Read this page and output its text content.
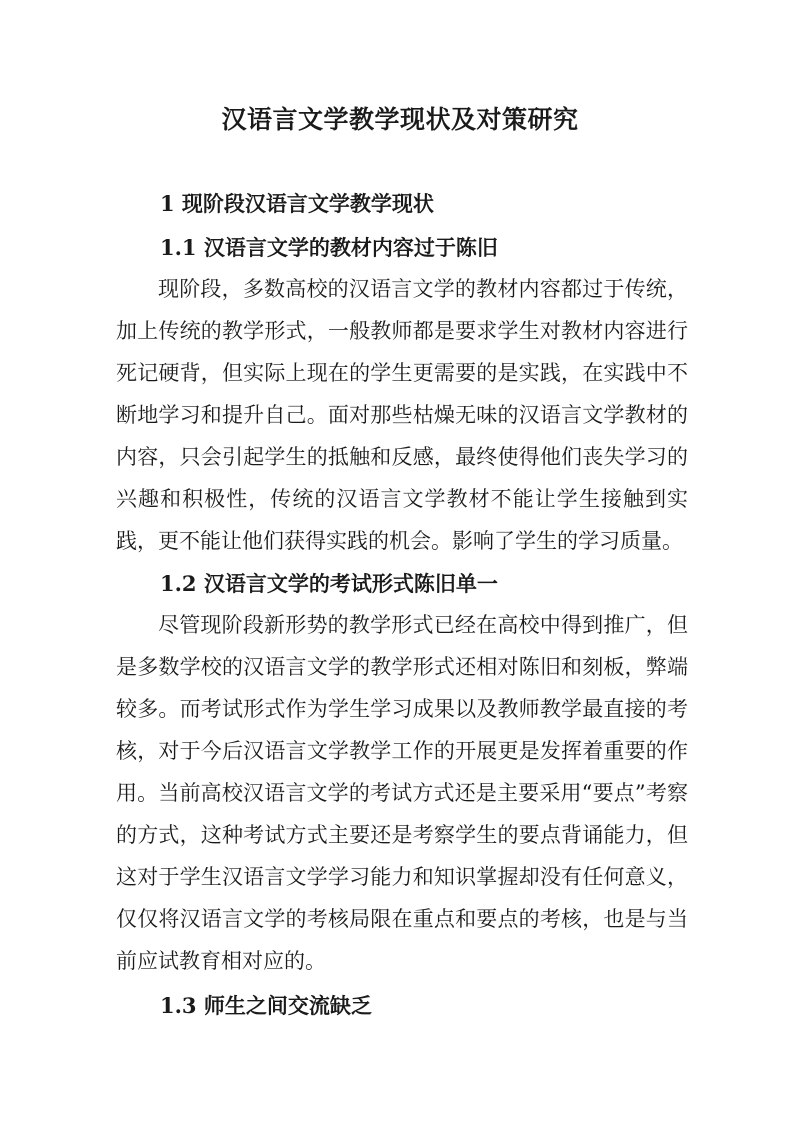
汉语言文学教学现状及对策研究
1 现阶段汉语言文学教学现状
1.1 汉语言文学的教材内容过于陈旧

现阶段，多数高校的汉语言文学的教材内容都过于传统，加上传统的教学形式，一般教师都是要求学生对教材内容进行死记硬背，但实际上现在的学生更需要的是实践，在实践中不断地学习和提升自己。面对那些枯燥无味的汉语言文学教材的内容，只会引起学生的抵触和反感，最终使得他们丧失学习的兴趣和积极性，传统的汉语言文学教材不能让学生接触到实践，更不能让他们获得实践的机会。影响了学生的学习质量。

1.2 汉语言文学的考试形式陈旧单一

尽管现阶段新形势的教学形式已经在高校中得到推广，但是多数学校的汉语言文学的教学形式还相对陈旧和刻板，弊端较多。而考试形式作为学生学习成果以及教师教学最直接的考核，对于今后汉语言文学教学工作的开展更是发挥着重要的作用。当前高校汉语言文学的考试方式还是主要采用“要点”考察的方式，这种考试方式主要还是考察学生的要点背诵能力，但这对于学生汉语言文学学习能力和知识掌握却没有任何意义，仅仅将汉语言文学的考核局限在重点和要点的考核，也是与当前应试教育相对应的。

1.3 师生之间交流缺乏
